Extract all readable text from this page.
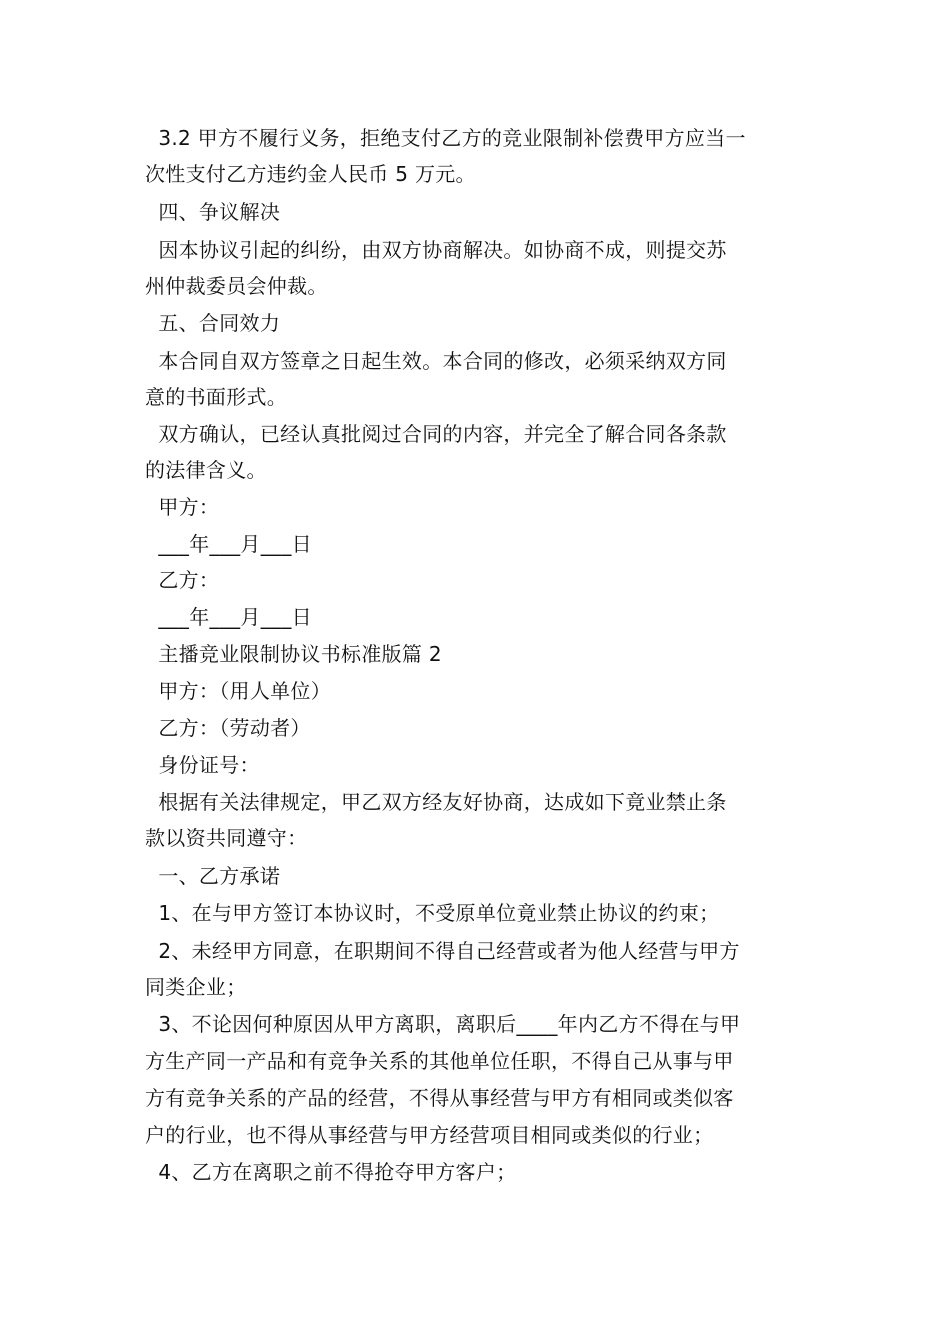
3.2 甲方不履行义务，拒绝支付乙方的竞业限制补偿费甲方应当一
次性支付乙方违约金人民币 5 万元。
四、争议解决
因本协议引起的纠纷，由双方协商解决。如协商不成，则提交苏
州仲裁委员会仲裁。
五、合同效力
本合同自双方签章之日起生效。本合同的修改，必须采纳双方同
意的书面形式。
双方确认，已经认真批阅过合同的内容，并完全了解合同各条款
的法律含义。
甲方：
___年___月___日
乙方：
___年___月___日
主播竞业限制协议书标准版篇 2
甲方：（用人单位）
乙方：（劳动者）
身份证号：
根据有关法律规定，甲乙双方经友好协商，达成如下竟业禁止条
款以资共同遵守：
一、乙方承诺
1、在与甲方签订本协议时，不受原单位竟业禁止协议的约束；
2、未经甲方同意，在职期间不得自己经营或者为他人经营与甲方
同类企业；
3、不论因何种原因从甲方离职，离职后____年内乙方不得在与甲
方生产同一产品和有竞争关系的其他单位任职，不得自己从事与甲
方有竞争关系的产品的经营，不得从事经营与甲方有相同或类似客
户的行业，也不得从事经营与甲方经营项目相同或类似的行业；
4、乙方在离职之前不得抢夺甲方客户；
